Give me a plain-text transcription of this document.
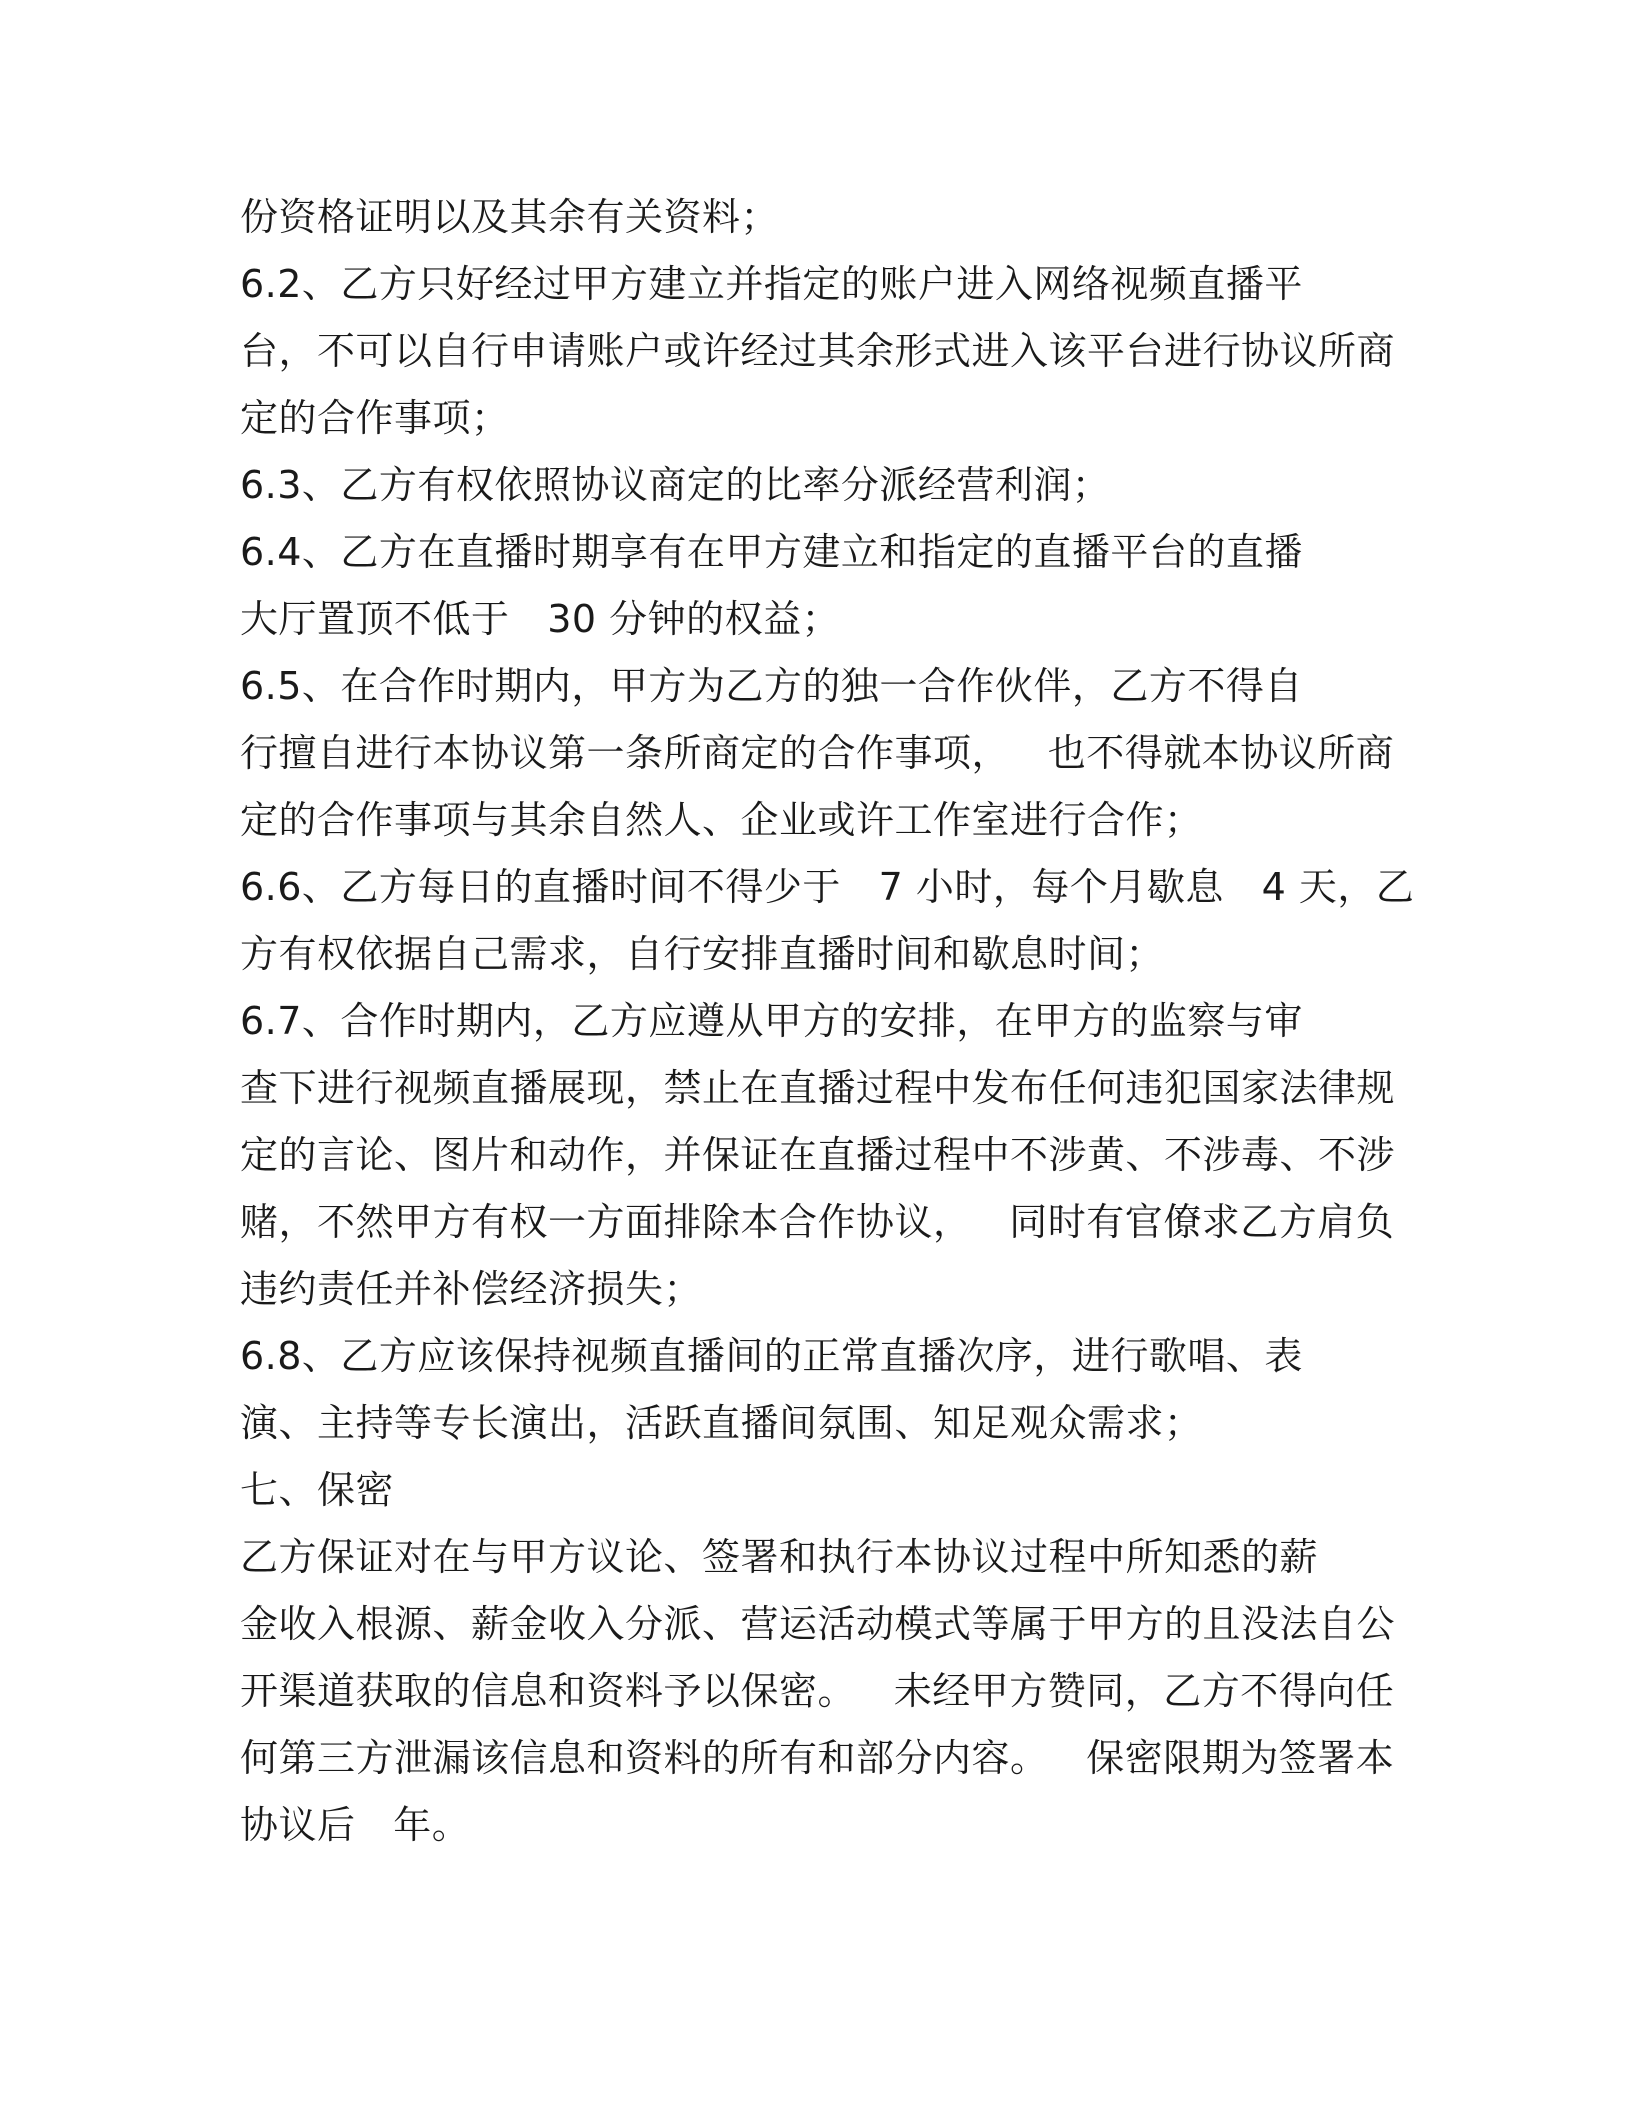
份资格证明以及其余有关资料；
6.2、乙方只好经过甲方建立并指定的账户进入网络视频直播平
台，不可以自行申请账户或许经过其余形式进入该平台进行协议所商
定的合作事项；
6.3、乙方有权依照协议商定的比率分派经营利润；
6.4、乙方在直播时期享有在甲方建立和指定的直播平台的直播
大厅置顶不低于   30 分钟的权益；
6.5、在合作时期内，甲方为乙方的独一合作伙伴，乙方不得自
行擅自进行本协议第一条所商定的合作事项，   也不得就本协议所商
定的合作事项与其余自然人、企业或许工作室进行合作；
6.6、乙方每日的直播时间不得少于   7 小时，每个月歇息   4 天，乙
方有权依据自己需求，自行安排直播时间和歇息时间；
6.7、合作时期内，乙方应遵从甲方的安排，在甲方的监察与审
查下进行视频直播展现，禁止在直播过程中发布任何违犯国家法律规
定的言论、图片和动作，并保证在直播过程中不涉黄、不涉毒、不涉
赌，不然甲方有权一方面排除本合作协议，   同时有官僚求乙方肩负
违约责任并补偿经济损失；
6.8、乙方应该保持视频直播间的正常直播次序，进行歌唱、表
演、主持等专长演出，活跃直播间氛围、知足观众需求；
七、保密
乙方保证对在与甲方议论、签署和执行本协议过程中所知悉的薪
金收入根源、薪金收入分派、营运活动模式等属于甲方的且没法自公
开渠道获取的信息和资料予以保密。   未经甲方赞同，乙方不得向任
何第三方泄漏该信息和资料的所有和部分内容。   保密限期为签署本
协议后   年。
